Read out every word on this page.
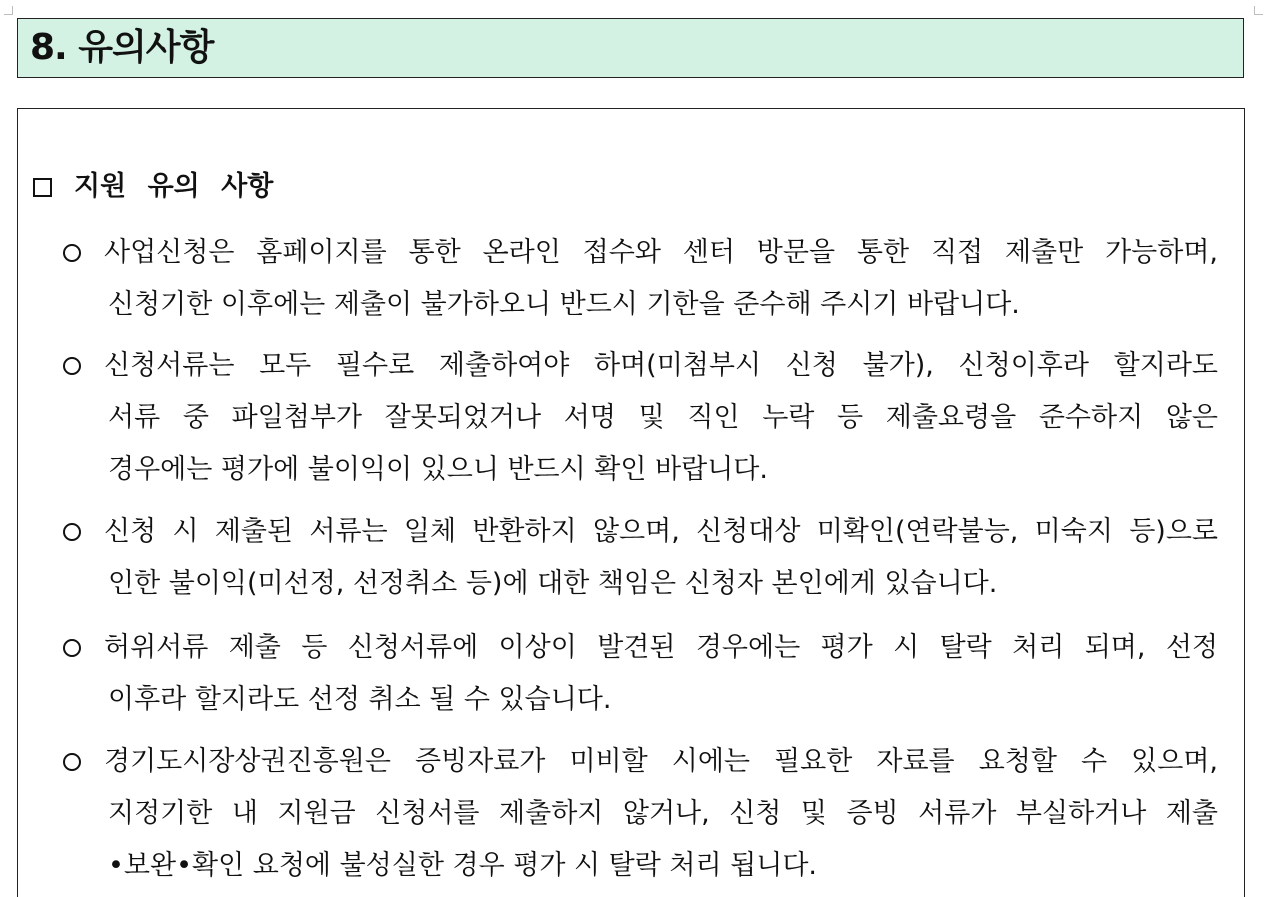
8. 유의사항
지원 유의 사항
사업신청은 홈페이지를 통한 온라인 접수와 센터 방문을 통한 직접 제출만 가능하며,
신청기한 이후에는 제출이 불가하오니 반드시 기한을 준수해 주시기 바랍니다.
신청서류는 모두 필수로 제출하여야 하며(미첨부시 신청 불가), 신청이후라 할지라도
서류 중 파일첨부가 잘못되었거나 서명 및 직인 누락 등 제출요령을 준수하지 않은
경우에는 평가에 불이익이 있으니 반드시 확인 바랍니다.
신청 시 제출된 서류는 일체 반환하지 않으며, 신청대상 미확인(연락불능, 미숙지 등)으로
인한 불이익(미선정, 선정취소 등)에 대한 책임은 신청자 본인에게 있습니다.
허위서류 제출 등 신청서류에 이상이 발견된 경우에는 평가 시 탈락 처리 되며, 선정
이후라 할지라도 선정 취소 될 수 있습니다.
경기도시장상권진흥원은 증빙자료가 미비할 시에는 필요한 자료를 요청할 수 있으며,
지정기한 내 지원금 신청서를 제출하지 않거나, 신청 및 증빙 서류가 부실하거나 제출
•보완•확인 요청에 불성실한 경우 평가 시 탈락 처리 됩니다.
